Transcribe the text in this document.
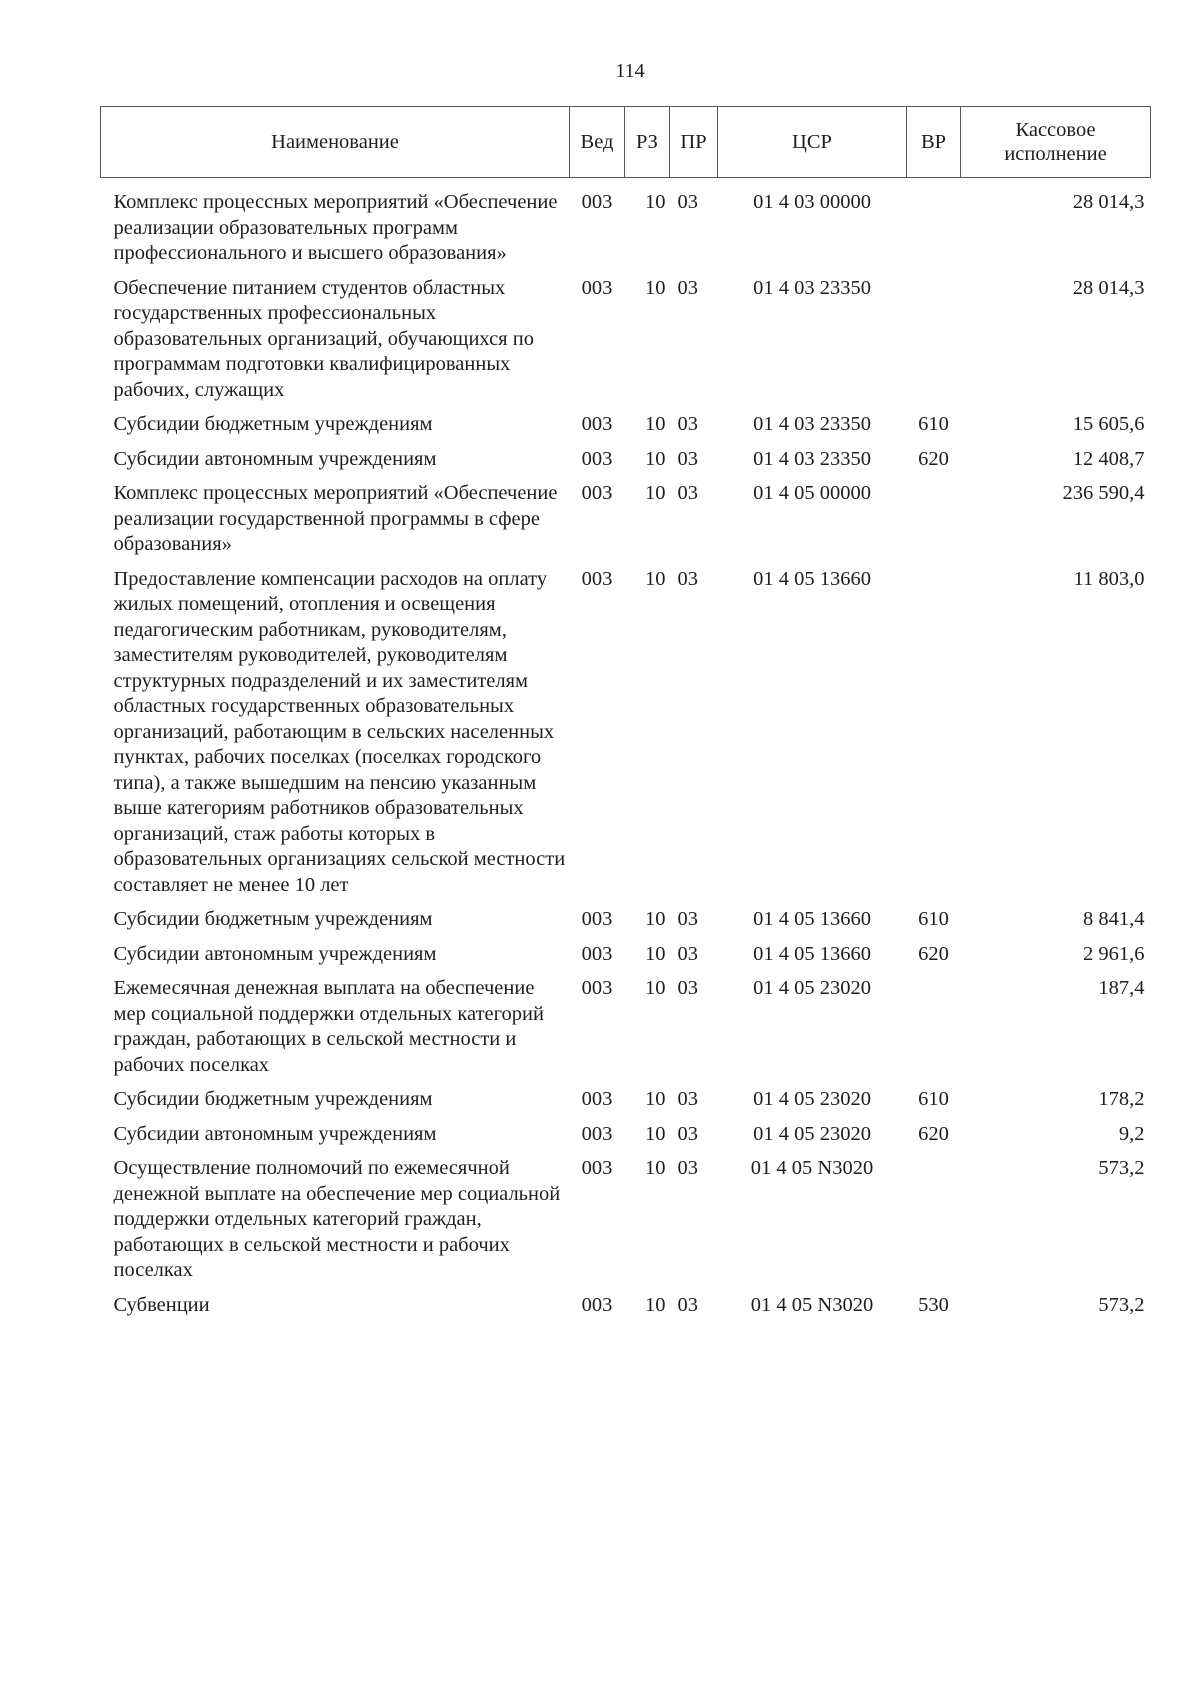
114
Наименование	Вед	РЗ	ПР	ЦСР	ВР	Кассовое исполнение
Комплекс процессных мероприятий «Обеспечение реализации образовательных программ профессионального и высшего образования»	003	10	03	01 4 03 00000		28 014,3
Обеспечение питанием студентов областных государственных профессиональных образовательных организаций, обучающихся по программам подготовки квалифицированных рабочих, служащих	003	10	03	01 4 03 23350		28 014,3
Субсидии бюджетным учреждениям	003	10	03	01 4 03 23350	610	15 605,6
Субсидии автономным учреждениям	003	10	03	01 4 03 23350	620	12 408,7
Комплекс процессных мероприятий «Обеспечение реализации государственной программы в сфере образования»	003	10	03	01 4 05 00000		236 590,4
Предоставление компенсации расходов на оплату жилых помещений, отопления и освещения педагогическим работникам, руководителям, заместителям руководителей, руководителям структурных подразделений и их заместителям областных государственных образовательных организаций, работающим в сельских населенных пунктах, рабочих поселках (поселках городского типа), а также вышедшим на пенсию указанным выше категориям работников образовательных организаций, стаж работы которых в образовательных организациях сельской местности составляет не менее 10 лет	003	10	03	01 4 05 13660		11 803,0
Субсидии бюджетным учреждениям	003	10	03	01 4 05 13660	610	8 841,4
Субсидии автономным учреждениям	003	10	03	01 4 05 13660	620	2 961,6
Ежемесячная денежная выплата на обеспечение мер социальной поддержки отдельных категорий граждан, работающих в сельской местности и рабочих поселках	003	10	03	01 4 05 23020		187,4
Субсидии бюджетным учреждениям	003	10	03	01 4 05 23020	610	178,2
Субсидии автономным учреждениям	003	10	03	01 4 05 23020	620	9,2
Осуществление полномочий по ежемесячной денежной выплате на обеспечение мер социальной поддержки отдельных категорий граждан, работающих в сельской местности и рабочих поселках	003	10	03	01 4 05 N3020		573,2
Субвенции	003	10	03	01 4 05 N3020	530	573,2
